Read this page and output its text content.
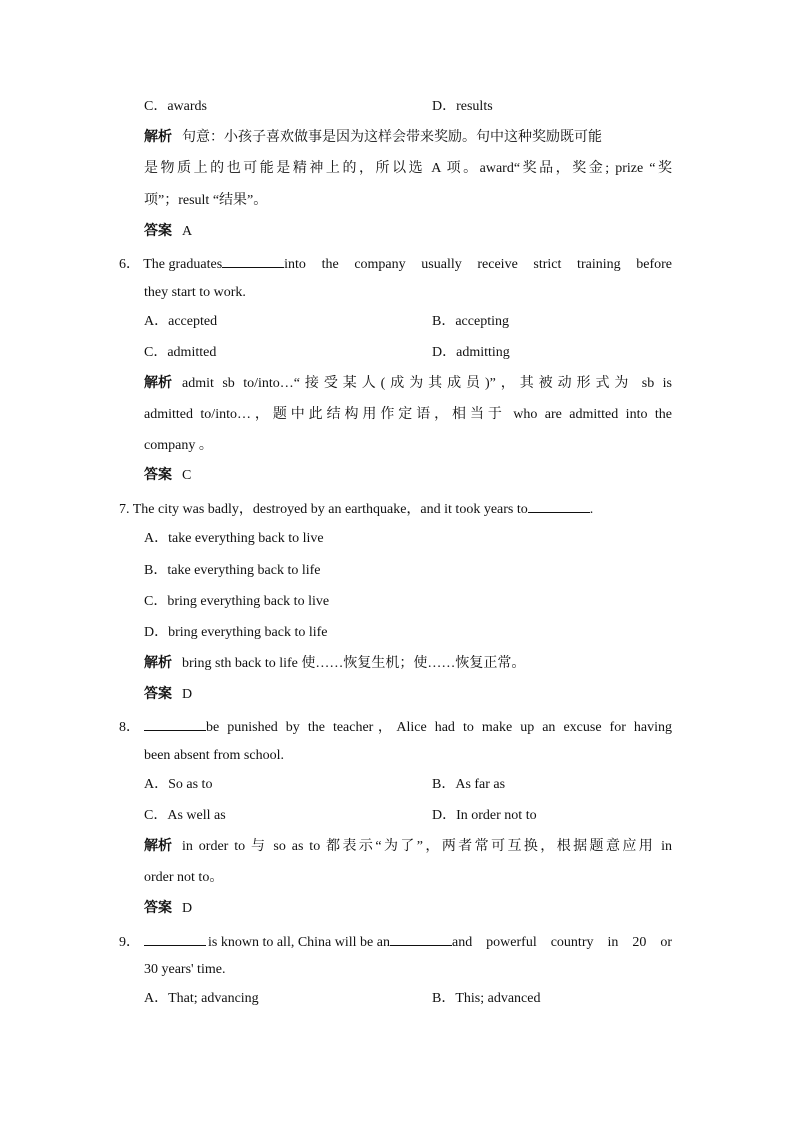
C．awards	D．results
解析 句意：小孩子喜欢做事是因为这样会带来奖励。句中这种奖励既可能
是物质上的也可能是精神上的，所以选 A 项。award“奖品，奖金; prize “奖
项”；result “结果”。
答案 A
6． The graduates	into the company usually receive strict training before
they start to work.
A．accepted	B．accepting
C．admitted	D．admitting
解析 admit sb to/into…“接受某人(成为其成员)”，其被动形式为 sb is
admitted to/into…，题中此结构用作定语，相当于 who are admitted into the
company 。
答案 C
7. The city was badly，destroyed by an earthquake，and it took years to	.
A．take everything back to live
B．take everything back to life
C．bring everything back to live
D．bring everything back to life
解析 bring sth back to life 使……恢复生机；使……恢复正常。
答案 D
8．	be punished by the teacher，Alice had to make up an excuse for having
been absent from school.
A．So as to	B．As far as
C．As well as	D．In order not to
解析 in order to 与 so as to 都表示“为了”，两者常可互换，根据题意应用 in
order not to。
答案 D
9．	is known to all, China will be an	and powerful country in 20 or
30 years' time.
A．That; advancing	B．This; advanced
